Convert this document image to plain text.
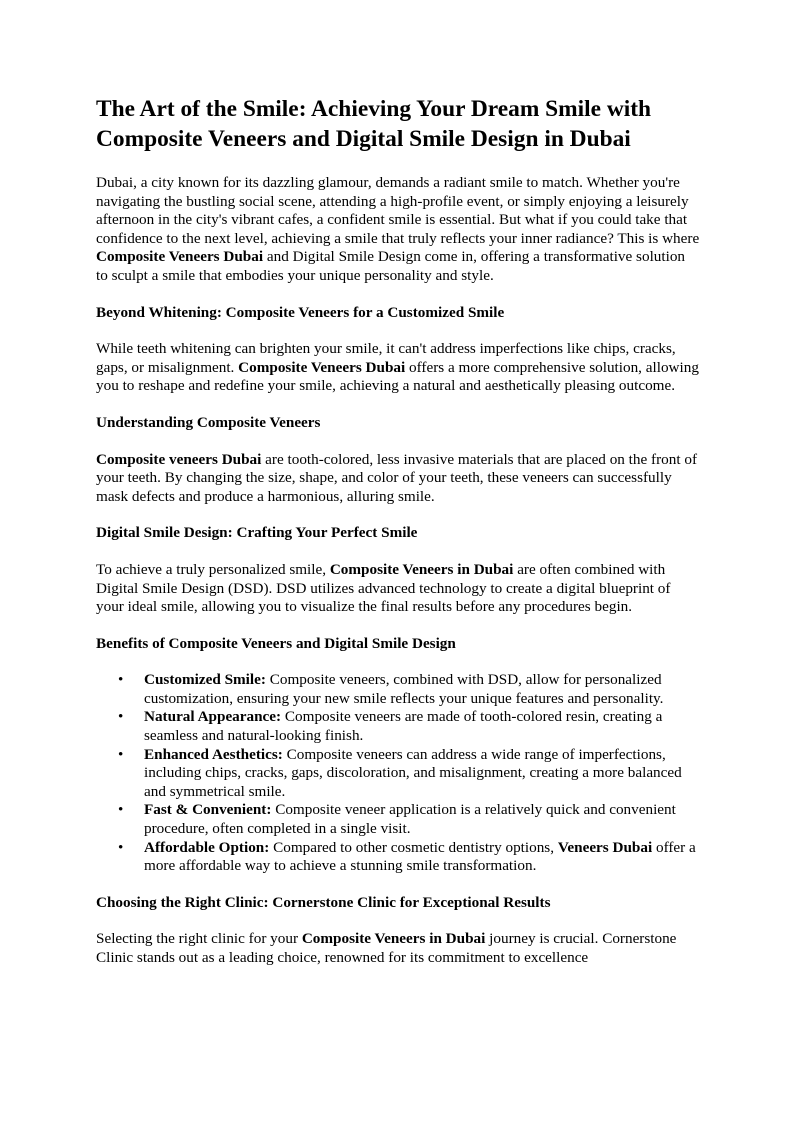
The Art of the Smile: Achieving Your Dream Smile with Composite Veneers and Digital Smile Design in Dubai

Dubai, a city known for its dazzling glamour, demands a radiant smile to match. Whether you're navigating the bustling social scene, attending a high-profile event, or simply enjoying a leisurely afternoon in the city's vibrant cafes, a confident smile is essential. But what if you could take that confidence to the next level, achieving a smile that truly reflects your inner radiance? This is where Composite Veneers Dubai and Digital Smile Design come in, offering a transformative solution to sculpt a smile that embodies your unique personality and style.

Beyond Whitening: Composite Veneers for a Customized Smile

While teeth whitening can brighten your smile, it can't address imperfections like chips, cracks, gaps, or misalignment. Composite Veneers Dubai offers a more comprehensive solution, allowing you to reshape and redefine your smile, achieving a natural and aesthetically pleasing outcome.

Understanding Composite Veneers

Composite veneers Dubai are tooth-colored, less invasive materials that are placed on the front of your teeth. By changing the size, shape, and color of your teeth, these veneers can successfully mask defects and produce a harmonious, alluring smile.

Digital Smile Design: Crafting Your Perfect Smile

To achieve a truly personalized smile, Composite Veneers in Dubai are often combined with Digital Smile Design (DSD). DSD utilizes advanced technology to create a digital blueprint of your ideal smile, allowing you to visualize the final results before any procedures begin.

Benefits of Composite Veneers and Digital Smile Design
• Customized Smile: Composite veneers, combined with DSD, allow for personalized customization, ensuring your new smile reflects your unique features and personality.
• Natural Appearance: Composite veneers are made of tooth-colored resin, creating a seamless and natural-looking finish.
• Enhanced Aesthetics: Composite veneers can address a wide range of imperfections, including chips, cracks, gaps, discoloration, and misalignment, creating a more balanced and symmetrical smile.
• Fast & Convenient: Composite veneer application is a relatively quick and convenient procedure, often completed in a single visit.
• Affordable Option: Compared to other cosmetic dentistry options, Veneers Dubai offer a more affordable way to achieve a stunning smile transformation.
Choosing the Right Clinic: Cornerstone Clinic for Exceptional Results

Selecting the right clinic for your Composite Veneers in Dubai journey is crucial. Cornerstone Clinic stands out as a leading choice, renowned for its commitment to excellence
